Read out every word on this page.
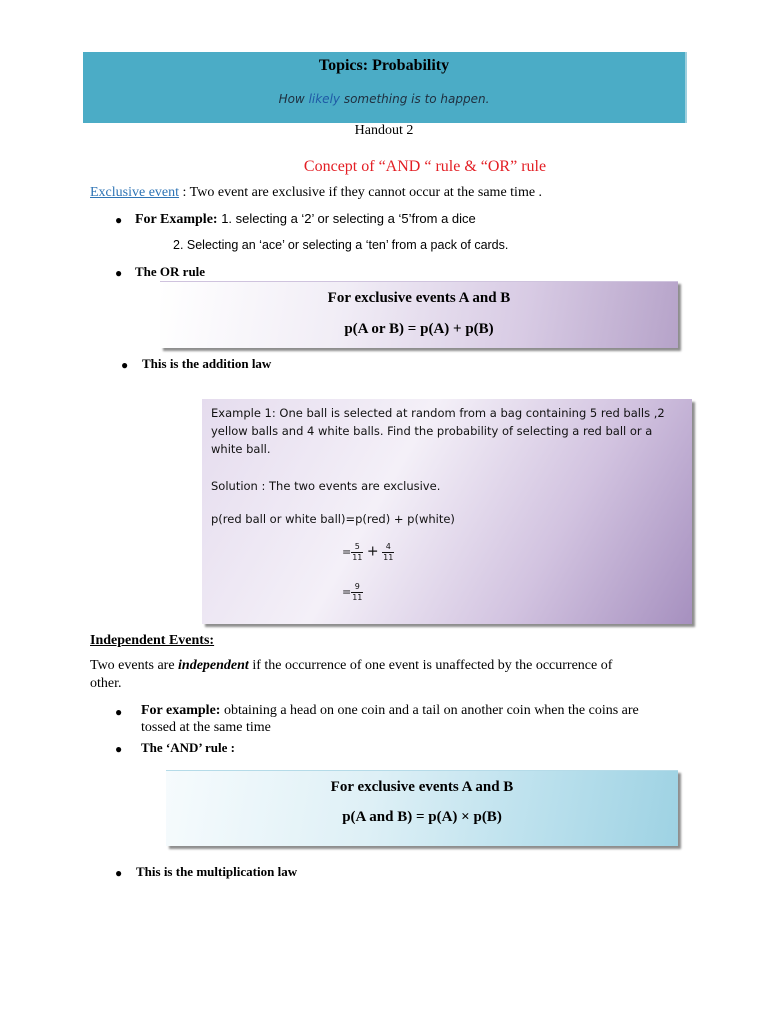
Topics: Probability
How likely something is to happen.
Handout 2
Concept of “AND “ rule & “OR” rule
Exclusive event : Two event are exclusive if they cannot occur at the same time .
● For Example: 1. selecting a ‘2’ or selecting a ‘5’from a dice
2. Selecting an ‘ace’ or selecting a ‘ten’ from a pack of cards.
● The OR rule
For exclusive events A and B
p(A or B) = p(A) + p(B)
● This is the addition law
Example 1: One ball is selected at random from a bag containing 5 red balls ,2 yellow balls and 4 white balls. Find the probability of selecting a red ball or a white ball.
Solution : The two events are exclusive.
p(red ball or white ball)=p(red) + p(white)
= $\frac{5}{11} + \frac{4}{11}$
= $\frac{9}{11}$
Independent Events:
Two events are independent if the occurrence of one event is unaffected by the occurrence of
other.
● For example: obtaining a head on one coin and a tail on another coin when the coins are
tossed at the same time
● The ‘AND’ rule :
For exclusive events A and B
p(A and B) = p(A) × p(B)
● This is the multiplication law
